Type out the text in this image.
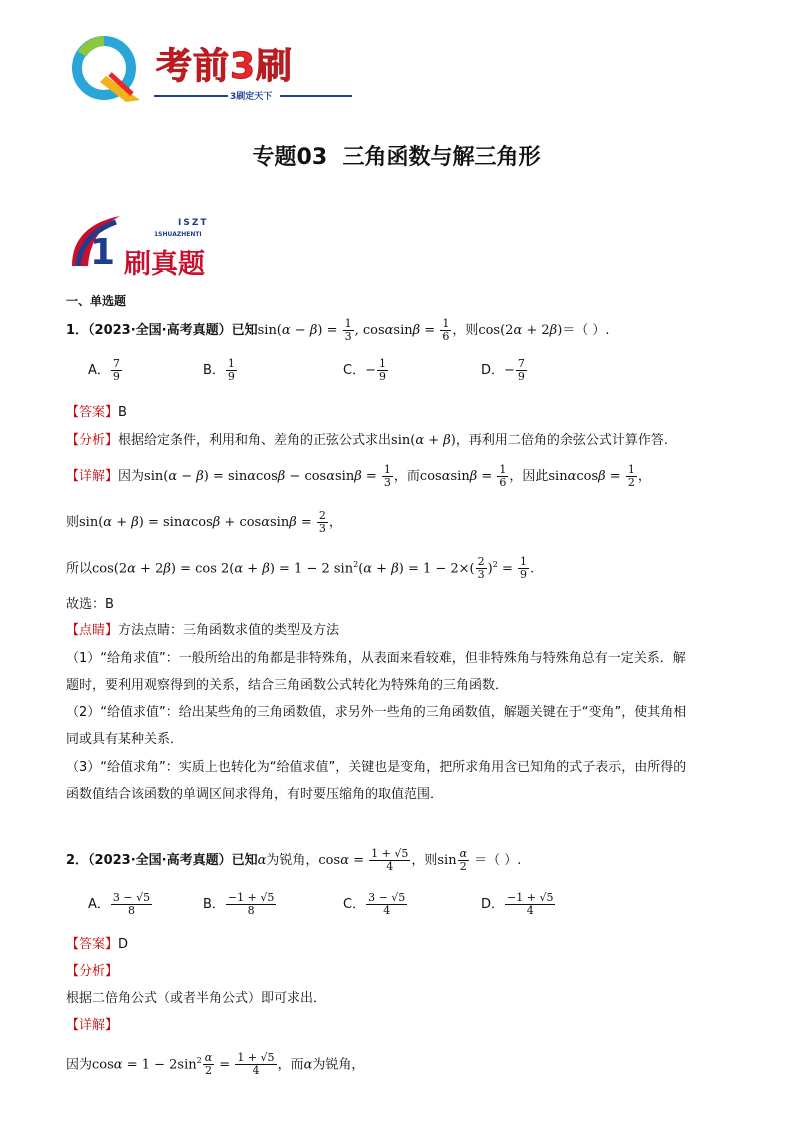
考前3刷
3刷定天下
专题03  三角函数与解三角形
1
ISZT
1SHUAZHENTI
刷真题
一、单选题
1．（2023·全国·高考真题）已知$\sin(\alpha - \beta) = \frac{1}{3}$ , $\cos\alpha\sin\beta = \frac{1}{6}$ ，则cos(2α + 2β)＝（ ）.
A． $\frac{7}{9}$	B． $\frac{1}{9}$	C．− $\frac{1}{9}$	D．− $\frac{7}{9}$
【答案】B
【分析】根据给定条件，利用和角、差角的正弦公式求出sin(α + β)，再利用二倍角的余弦公式计算作答.
【详解】因为$\sin(\alpha - \beta) = \sin\alpha\cos\beta - \cos\alpha\sin\beta = \frac{1}{3}$ ，而$\cos\alpha\sin\beta = \frac{1}{6}$ ，因此$\sin\alpha\cos\beta = \frac{1}{2}$ ，
则$\sin(\alpha + \beta) = \sin\alpha\cos\beta + \cos\alpha\sin\beta = \frac{2}{3}$ ，
所以cos(2α + 2β) = cos 2(α + β) = 1 − 2 $\sin^2(\alpha + \beta) = 1 - 2\times( \frac{2}{3} )^2 = \frac{1}{9}$ .
故选：B
【点睛】方法点睛：三角函数求值的类型及方法
（1）“给角求值”：一般所给出的角都是非特殊角，从表面来看较难，但非特殊角与特殊角总有一定关系．解
题时，要利用观察得到的关系，结合三角函数公式转化为特殊角的三角函数．
（2）“给值求值”：给出某些角的三角函数值，求另外一些角的三角函数值，解题关键在于“变角”，使其角相
同或具有某种关系．
（3）“给值求角”：实质上也转化为“给值求值”，关键也是变角，把所求角用含已知角的式子表示，由所得的
函数值结合该函数的单调区间求得角，有时要压缩角的取值范围．
2．（2023·全国·高考真题）已知α为锐角，$\cos\alpha = \frac{1 + √5}{4}$ ，则$\sin \frac{\alpha}{2}$ ＝（ ）.
A． $\frac{3 - √5}{8}$	B． $\frac{-1 + √5}{8}$	C． $\frac{3 - √5}{4}$	D． $\frac{-1 + √5}{4}$
【答案】D
【分析】
根据二倍角公式（或者半角公式）即可求出．
【详解】
因为$\cos\alpha = 1 - 2\sin^2 \frac{\alpha}{2} = \frac{1 + √5}{4}$ ，而α为锐角，
